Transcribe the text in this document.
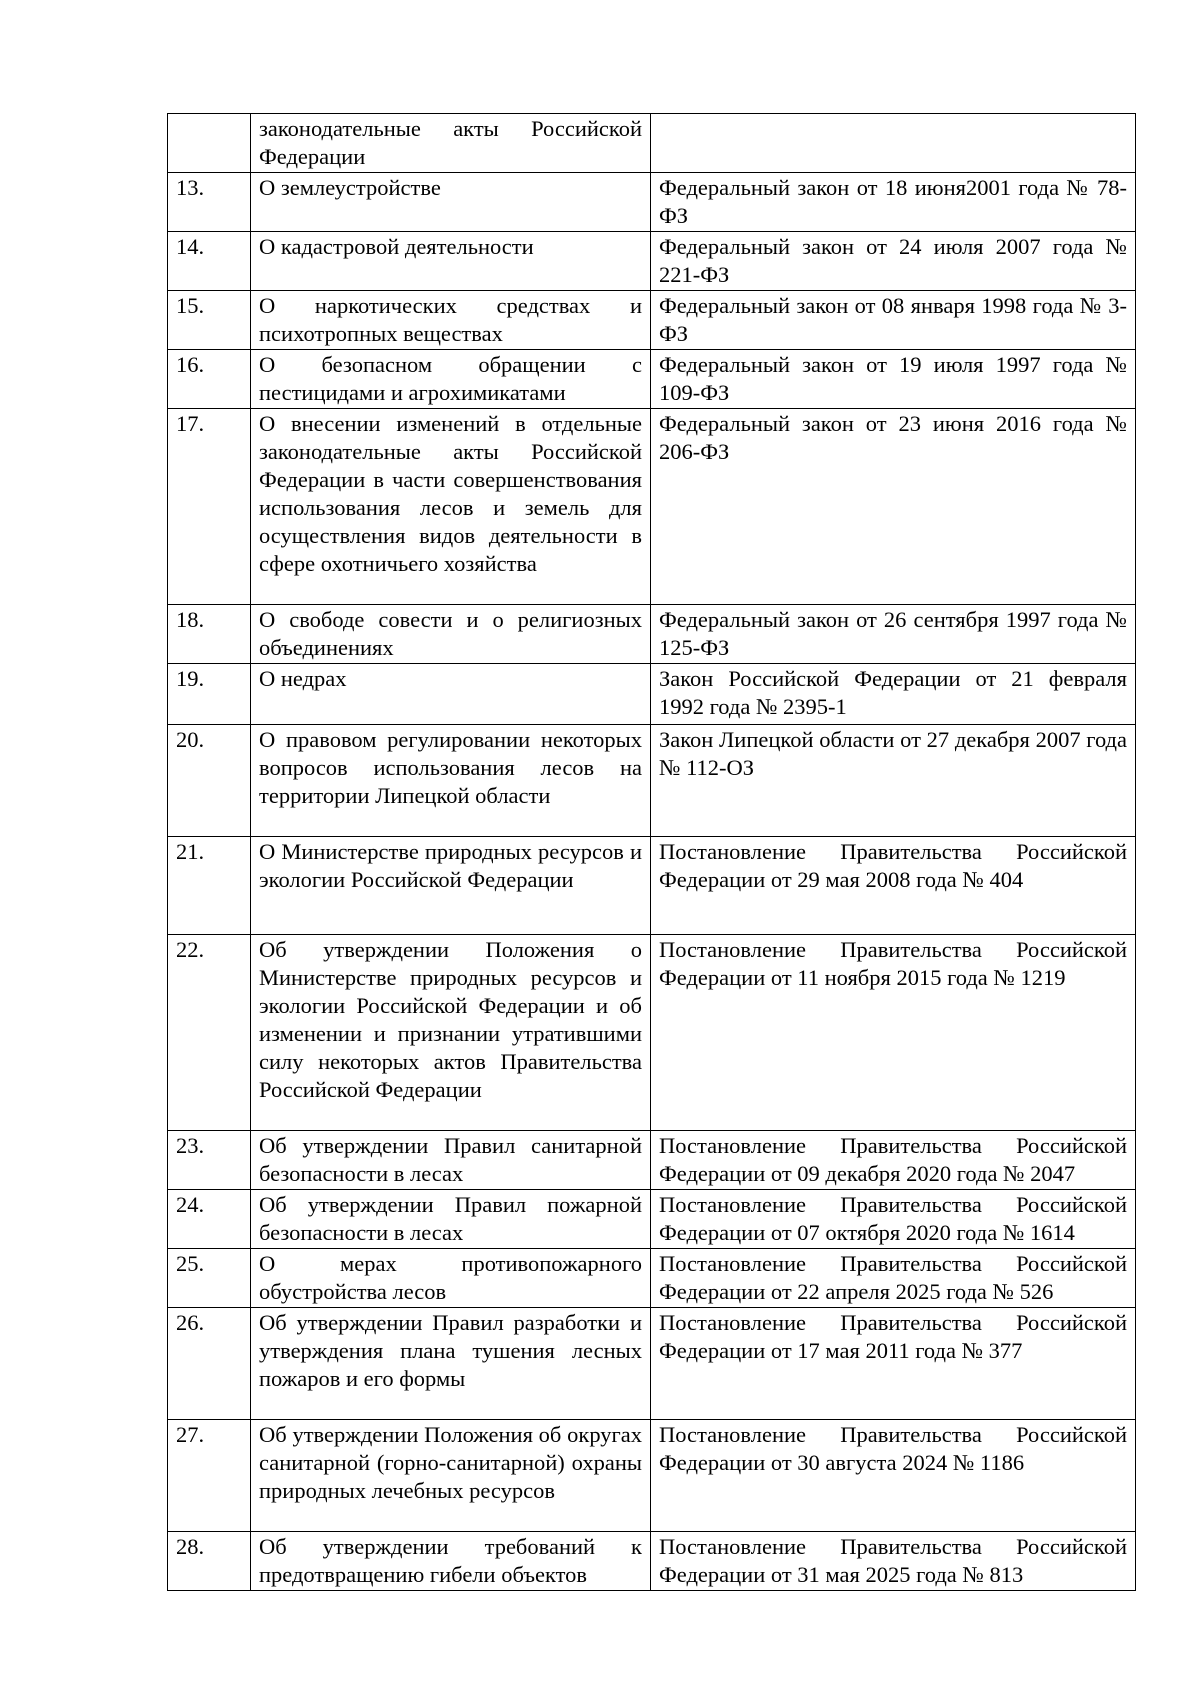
	законодательные акты Российской Федерации	
13.	О землеустройстве	Федеральный закон от 18 июня2001 года № 78-ФЗ
14.	О кадастровой деятельности	Федеральный закон от 24 июля 2007 года № 221-ФЗ
15.	О наркотических средствах и психотропных веществах	Федеральный закон от 08 января 1998 года № 3-ФЗ
16.	О безопасном обращении с пестицидами и агрохимикатами	Федеральный закон от 19 июля 1997 года № 109-ФЗ
17.	О внесении изменений в отдельные законодательные акты Российской Федерации в части совершенствования использования лесов и земель для осуществления видов деятельности в сфере охотничьего хозяйства	Федеральный закон от 23 июня 2016 года № 206-ФЗ
18.	О свободе совести и о религиозных объединениях	Федеральный закон от 26 сентября 1997 года № 125-ФЗ
19.	О недрах	Закон Российской Федерации от 21 февраля 1992 года № 2395-1
20.	О правовом регулировании некоторых вопросов использования лесов на территории Липецкой области	Закон Липецкой области от 27 декабря 2007 года № 112-ОЗ
21.	О Министерстве природных ресурсов и экологии Российской Федерации	Постановление Правительства Российской Федерации от 29 мая 2008 года № 404
22.	Об утверждении Положения о Министерстве природных ресурсов и экологии Российской Федерации и об изменении и признании утратившими силу некоторых актов Правительства Российской Федерации	Постановление Правительства Российской Федерации от 11 ноября 2015 года № 1219
23.	Об утверждении Правил санитарной безопасности в лесах	Постановление Правительства Российской Федерации от 09 декабря 2020 года № 2047
24.	Об утверждении Правил пожарной безопасности в лесах	Постановление Правительства Российской Федерации от 07 октября 2020 года № 1614
25.	О мерах противопожарного обустройства лесов	Постановление Правительства Российской Федерации от 22 апреля 2025 года № 526
26.	Об утверждении Правил разработки и утверждения плана тушения лесных пожаров и его формы	Постановление Правительства Российской Федерации от 17 мая 2011 года № 377
27.	Об утверждении Положения об округах санитарной (горно-санитарной) охраны природных лечебных ресурсов	Постановление Правительства Российской Федерации от 30 августа 2024 № 1186
28.	Об утверждении требований к предотвращению гибели объектов	Постановление Правительства Российской Федерации от 31 мая 2025 года № 813
